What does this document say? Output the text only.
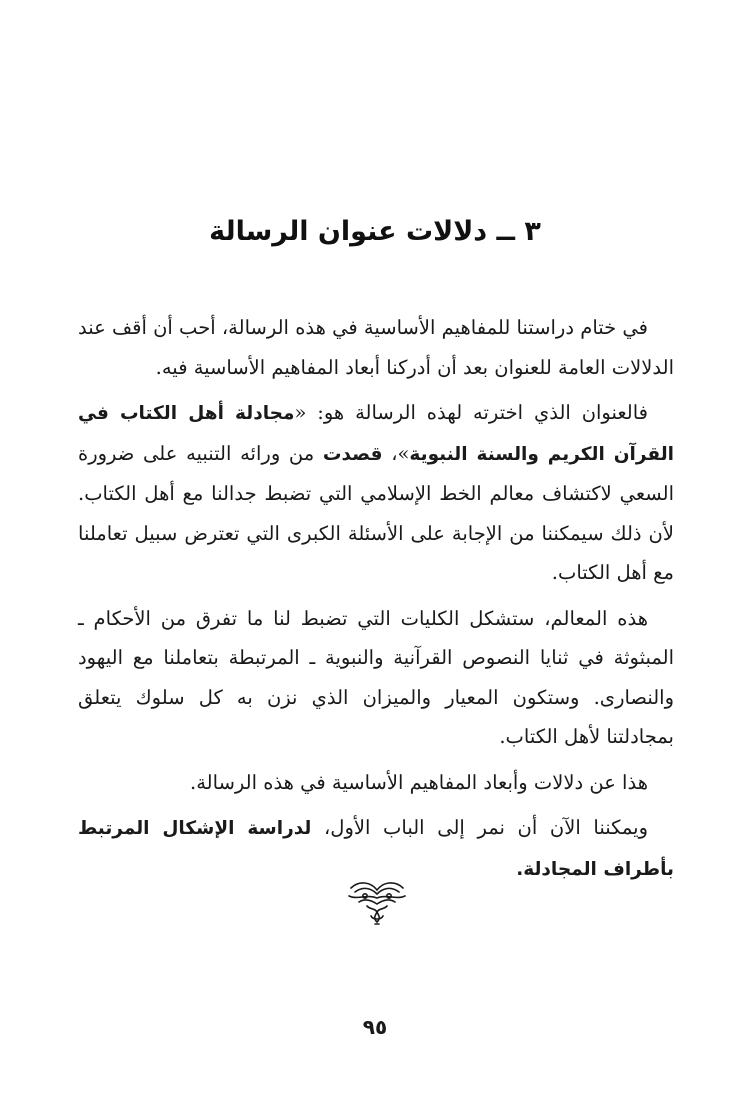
٣ ــ دلالات عنوان الرسالة

في ختام دراستنا للمفاهيم الأساسية في هذه الرسالة، أحب أن أقف عند الدلالات العامة للعنوان بعد أن أدركنا أبعاد المفاهيم الأساسية فيه.

فالعنوان الذي اخترته لهذه الرسالة هو: «مجادلة أهل الكتاب في القرآن الكريم والسنة النبوية»، قصدت من ورائه التنبيه على ضرورة السعي لاكتشاف معالم الخط الإسلامي التي تضبط جدالنا مع أهل الكتاب. لأن ذلك سيمكننا من الإجابة على الأسئلة الكبرى التي تعترض سبيل تعاملنا مع أهل الكتاب.

هذه المعالم، ستشكل الكليات التي تضبط لنا ما تفرق من الأحكام ـ المبثوثة في ثنايا النصوص القرآنية والنبوية ـ المرتبطة بتعاملنا مع اليهود والنصارى. وستكون المعيار والميزان الذي نزن به كل سلوك يتعلق بمجادلتنا لأهل الكتاب.

هذا عن دلالات وأبعاد المفاهيم الأساسية في هذه الرسالة.

ويمكننا الآن أن نمر إلى الباب الأول، لدراسة الإشكال المرتبط بأطراف المجادلة.

٩٥
